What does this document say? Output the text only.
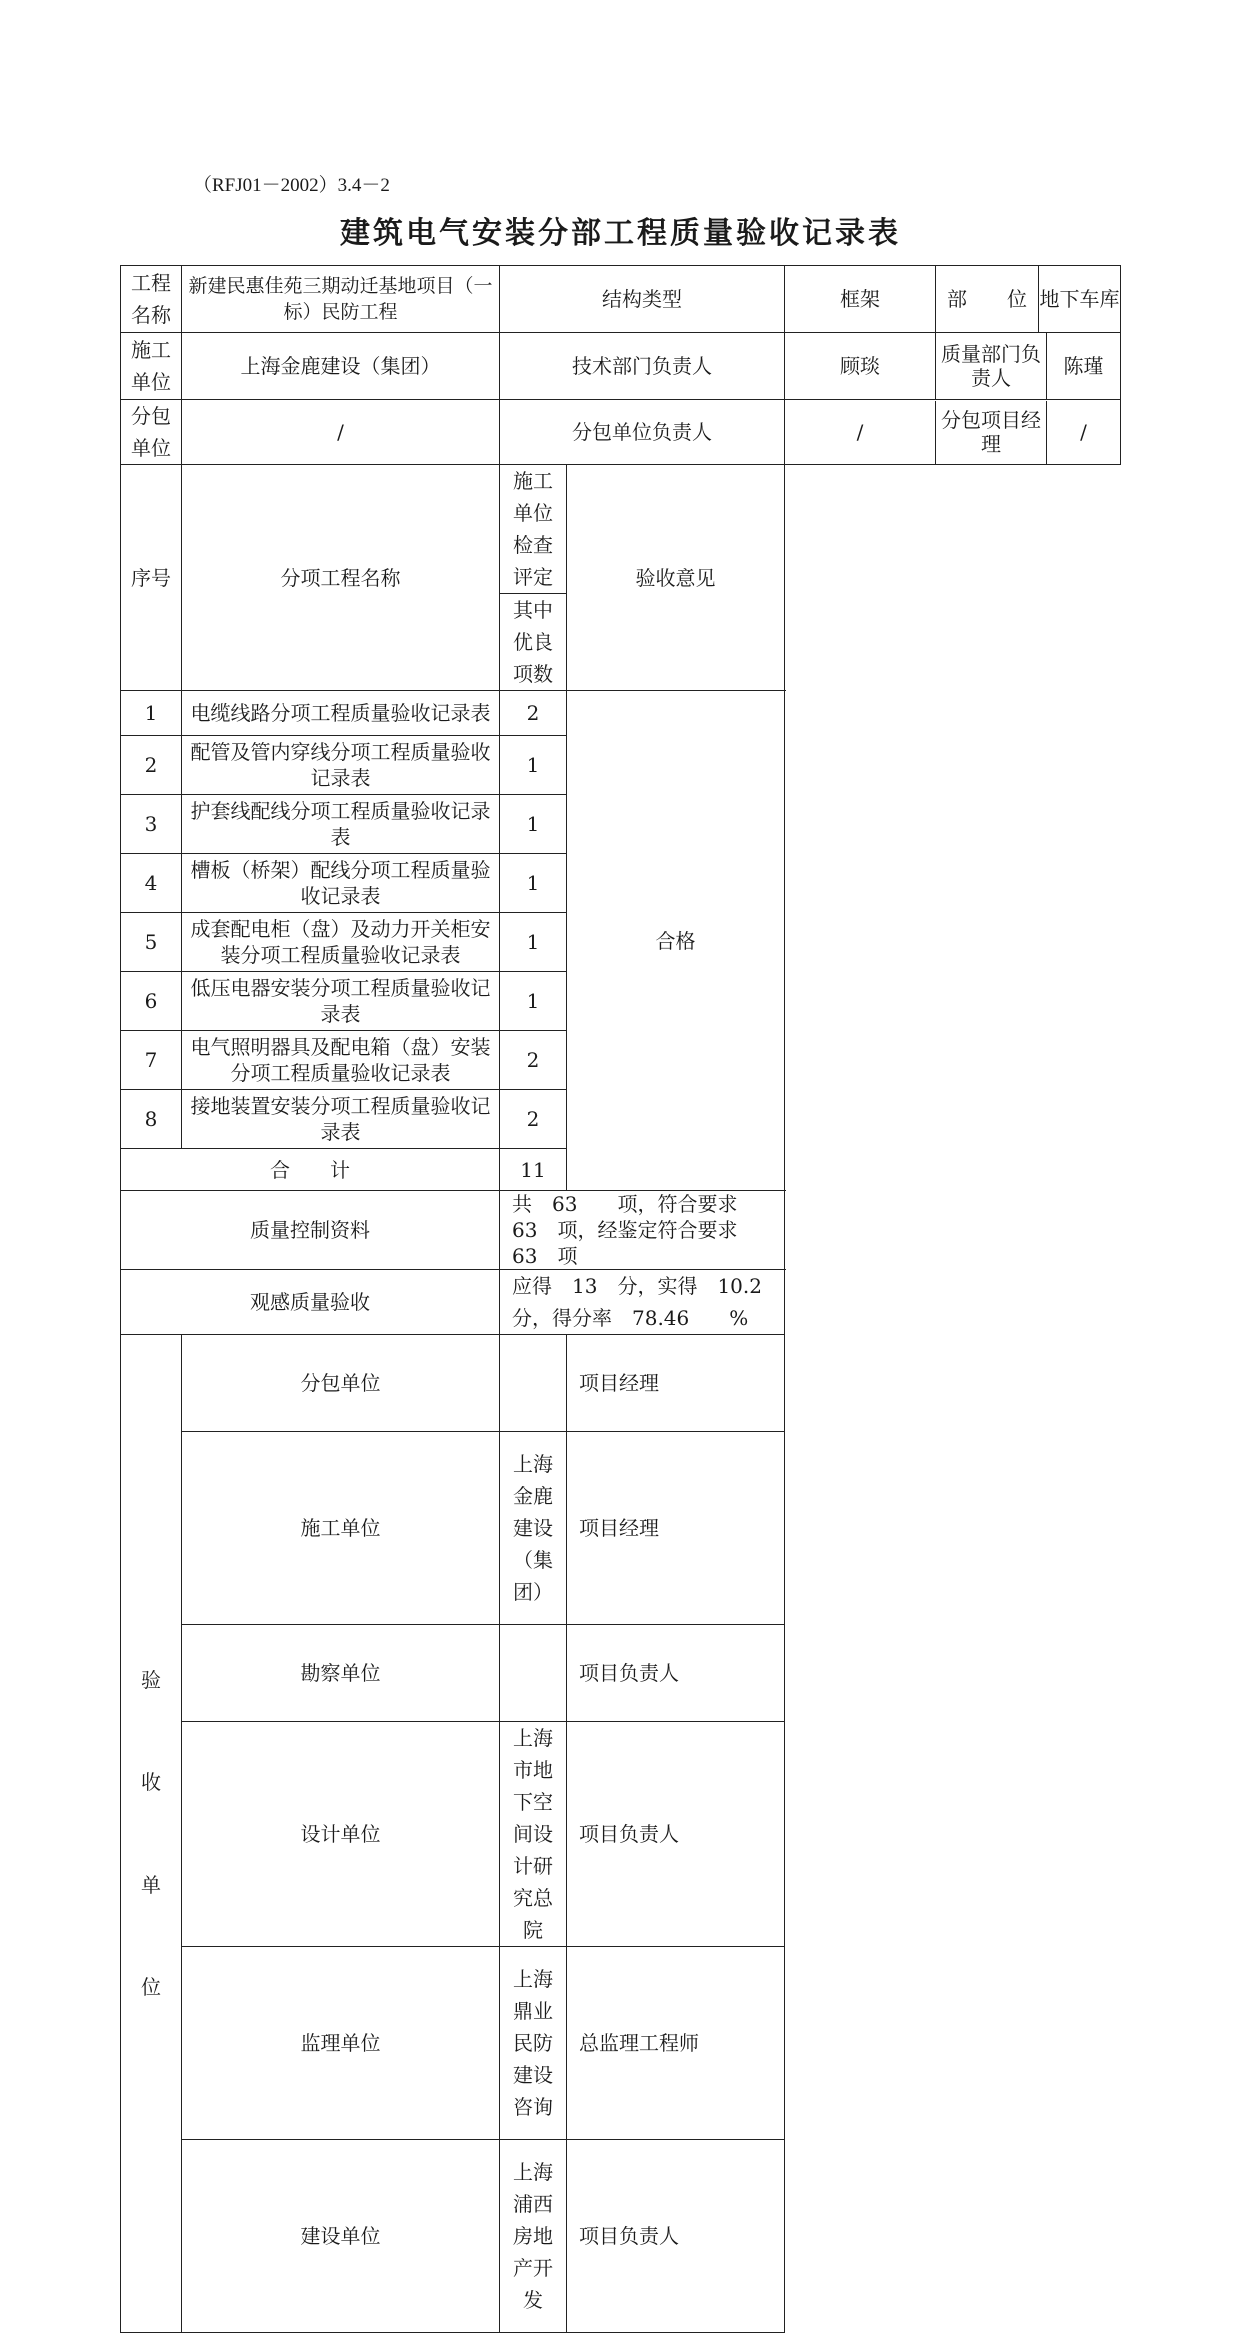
（RFJ01－2002）3.4－2
建筑电气安装分部工程质量验收记录表
工程名称	新建民惠佳苑三期动迁基地项目（一标）民防工程	结构类型		框架 部　　位 地下车库

施工单位	上海金鹿建设（集团）	技术部门负责人		顾琰 质量部门负责人 陈瑾

分包单位	/	分包单位负责人		/ 分包项目经　　理 /

序号	分项工程名称	施工单位检查评定	验收意见	
	其中优良项数		
1	电缆线路分项工程质量验收记录表		2	合格	
2	配管及管内穿线分项工程质量验收记录表		1		
3	护套线配线分项工程质量验收记录表		1		
4	槽板（桥架）配线分项工程质量验收记录表		1		
5	成套配电柜（盘）及动力开关柜安装分项工程质量验收记录表		1		
6	低压电器安装分项工程质量验收记录表		1		
7	电气照明器具及配电箱（盘）安装分项工程质量验收记录表		2		
8	接地装置安装分项工程质量验收记录表		2		
合　　计		11		
质量控制资料		共　63　　项，符合要求　63　项，经鉴定符合要求　63　项		
观感质量验收		应得　13　分，实得　10.2　分，得分率　78.46　　%		

验
收
单
位	分包单位		项目经理	
	施工单位	上海金鹿建设（集团）	项目经理	
	勘察单位		项目负责人	
	设计单位	上海市地下空间设计研究总院	项目负责人	
	监理单位	上海鼎业民防建设咨询	总监理工程师	
	建设单位	上海浦西房地产开发	项目负责人	
